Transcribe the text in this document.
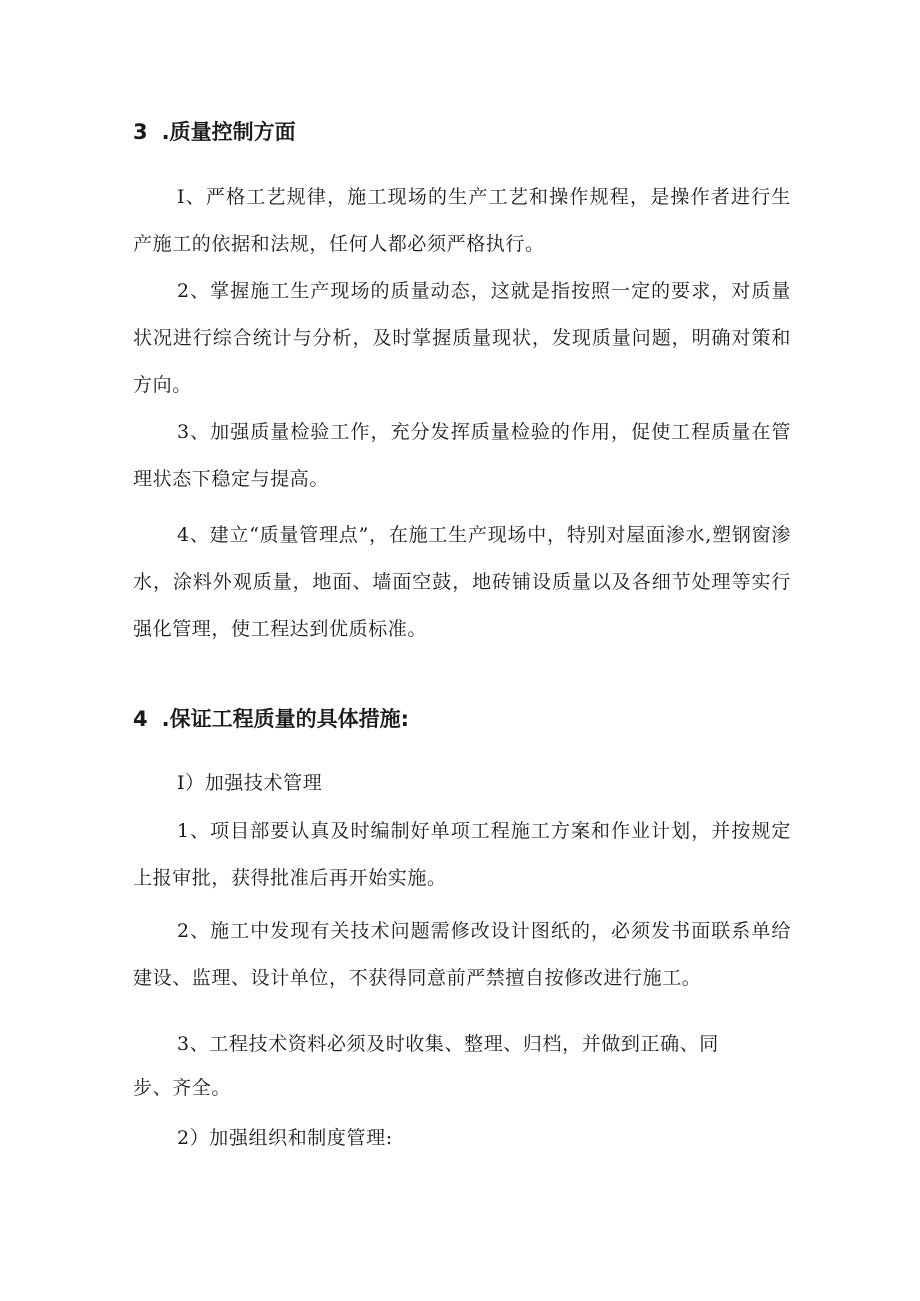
3 .质量控制方面

I、严格工艺规律，施工现场的生产工艺和操作规程，是操作者进行生产施工的依据和法规，任何人都必须严格执行。

2、掌握施工生产现场的质量动态，这就是指按照一定的要求，对质量状况进行综合统计与分析，及时掌握质量现状，发现质量问题，明确对策和方向。

3、加强质量检验工作，充分发挥质量检验的作用，促使工程质量在管理状态下稳定与提高。

4、建立“质量管理点”，在施工生产现场中，特别对屋面渗水,塑钢窗渗水，涂料外观质量，地面、墙面空鼓，地砖铺设质量以及各细节处理等实行强化管理，使工程达到优质标准。

4 .保证工程质量的具体措施:

I）加强技术管理

1、项目部要认真及时编制好单项工程施工方案和作业计划，并按规定上报审批，获得批准后再开始实施。

2、施工中发现有关技术问题需修改设计图纸的，必须发书面联系单给建设、监理、设计单位，不获得同意前严禁擅自按修改进行施工。

3、工程技术资料必须及时收集、整理、归档，并做到正确、同

步、齐全。

2）加强组织和制度管理:
